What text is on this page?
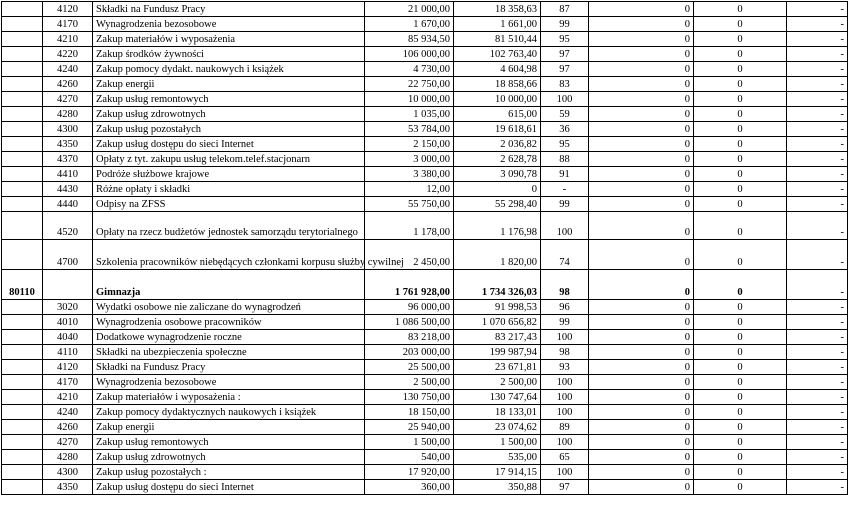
	4120	Składki na Fundusz Pracy	21 000,00	18 358,63	87	0	0	-
	4170	Wynagrodzenia bezosobowe	1 670,00	1 661,00	99	0	0	-
	4210	Zakup materiałów i wyposażenia	85 934,50	81 510,44	95	0	0	-
	4220	Zakup środków żywności	106 000,00	102 763,40	97	0	0	-
	4240	Zakup pomocy dydakt. naukowych i książek	4 730,00	4 604,98	97	0	0	-
	4260	Zakup energii	22 750,00	18 858,66	83	0	0	-
	4270	Zakup usług remontowych	10 000,00	10 000,00	100	0	0	-
	4280	Zakup usług zdrowotnych	1 035,00	615,00	59	0	0	-
	4300	Zakup usług pozostałych	53 784,00	19 618,61	36	0	0	-
	4350	Zakup usług dostępu do sieci Internet	2 150,00	2 036,82	95	0	0	-
	4370	Opłaty z tyt. zakupu usług telekom.telef.stacjonarn	3 000,00	2 628,78	88	0	0	-
	4410	Podróże służbowe krajowe	3 380,00	3 090,78	91	0	0	-
	4430	Różne opłaty i składki	12,00	0	-	0	0	-
	4440	Odpisy na ZFSS	55 750,00	55 298,40	99	0	0	-
	4520	Opłaty na rzecz budżetów jednostek samorządu terytorialnego	1 178,00	1 176,98	100	0	0	-
	4700	Szkolenia pracowników niebędących członkami korpusu służby cywilnej	2 450,00	1 820,00	74	0	0	-
80110		Gimnazja	1 761 928,00	1 734 326,03	98	0	0	-
	3020	Wydatki osobowe nie zaliczane do wynagrodzeń	96 000,00	91 998,53	96	0	0	-
	4010	Wynagrodzenia osobowe pracowników	1 086 500,00	1 070 656,82	99	0	0	-
	4040	Dodatkowe wynagrodzenie roczne	83 218,00	83 217,43	100	0	0	-
	4110	Składki na ubezpieczenia społeczne	203 000,00	199 987,94	98	0	0	-
	4120	Składki na Fundusz Pracy	25 500,00	23 671,81	93	0	0	-
	4170	Wynagrodzenia bezosobowe	2 500,00	2 500,00	100	0	0	-
	4210	Zakup materiałów i wyposażenia :	130 750,00	130 747,64	100	0	0	-
	4240	Zakup pomocy dydaktycznych naukowych i książek	18 150,00	18 133,01	100	0	0	-
	4260	Zakup energii	25 940,00	23 074,62	89	0	0	-
	4270	Zakup usług remontowych	1 500,00	1 500,00	100	0	0	-
	4280	Zakup usług zdrowotnych	540,00	535,00	65	0	0	-
	4300	Zakup usług pozostałych :	17 920,00	17 914,15	100	0	0	-
	4350	Zakup usług dostępu do sieci Internet	360,00	350,88	97	0	0	-
